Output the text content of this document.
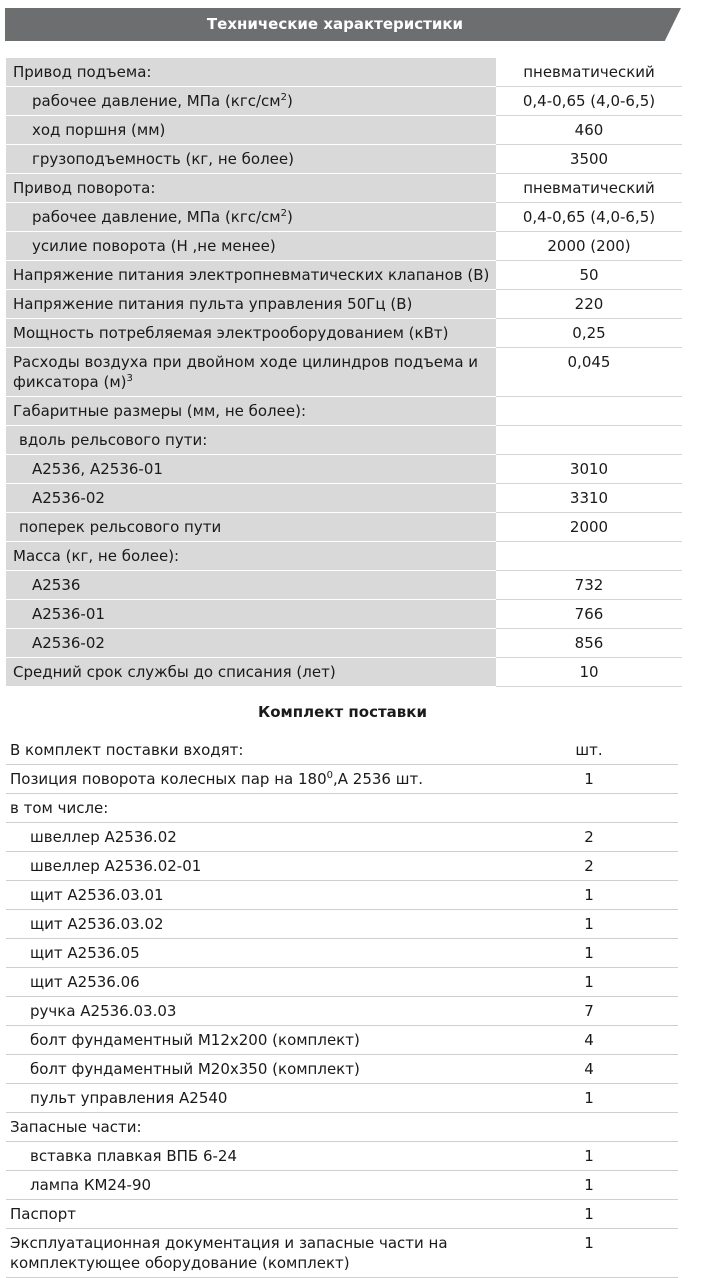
Технические характеристики
Привод подъема:	пневматический
рабочее давление, МПа $(кгс/см^2)$	0,4-0,65 (4,0-6,5)
ход поршня (мм)	460
грузоподъемность (кг, не более)	3500
Привод поворота:	пневматический
рабочее давление, МПа $(кгс/см^2)$	0,4-0,65 (4,0-6,5)
усилие поворота (Н ,не менее)	2000 (200)
Напряжение питания электропневматических клапанов (В)	50
Напряжение питания пульта управления 50Гц (В)	220
Мощность потребляемая электрооборудованием (кВт)	0,25
Расходы воздуха при двойном ходе цилиндров подъема и фиксатора $(м)^3$	0,045
Габаритные размеры (мм, не более):	
вдоль рельсового пути:	
А2536, А2536-01	3010
А2536-02	3310
поперек рельсового пути	2000
Масса (кг, не более):	
А2536	732
А2536-01	766
А2536-02	856
Средний срок службы до списания (лет)	10
Комплект поставки
В комплект поставки входят:	шт.
Позиция поворота колесных пар на $180^0,А$ 2536 шт.	1
в том числе:	
швеллер А2536.02	2
швеллер А2536.02-01	2
щит А2536.03.01	1
щит А2536.03.02	1
щит А2536.05	1
щит А2536.06	1
ручка А2536.03.03	7
болт фундаментный М12х200 (комплект)	4
болт фундаментный М20х350 (комплект)	4
пульт управления А2540	1
Запасные части:	
вставка плавкая ВПБ 6-24	1
лампа КМ24-90	1
Паспорт	1
Эксплуатационная документация и запасные части на комплектующее оборудование (комплект)	1
